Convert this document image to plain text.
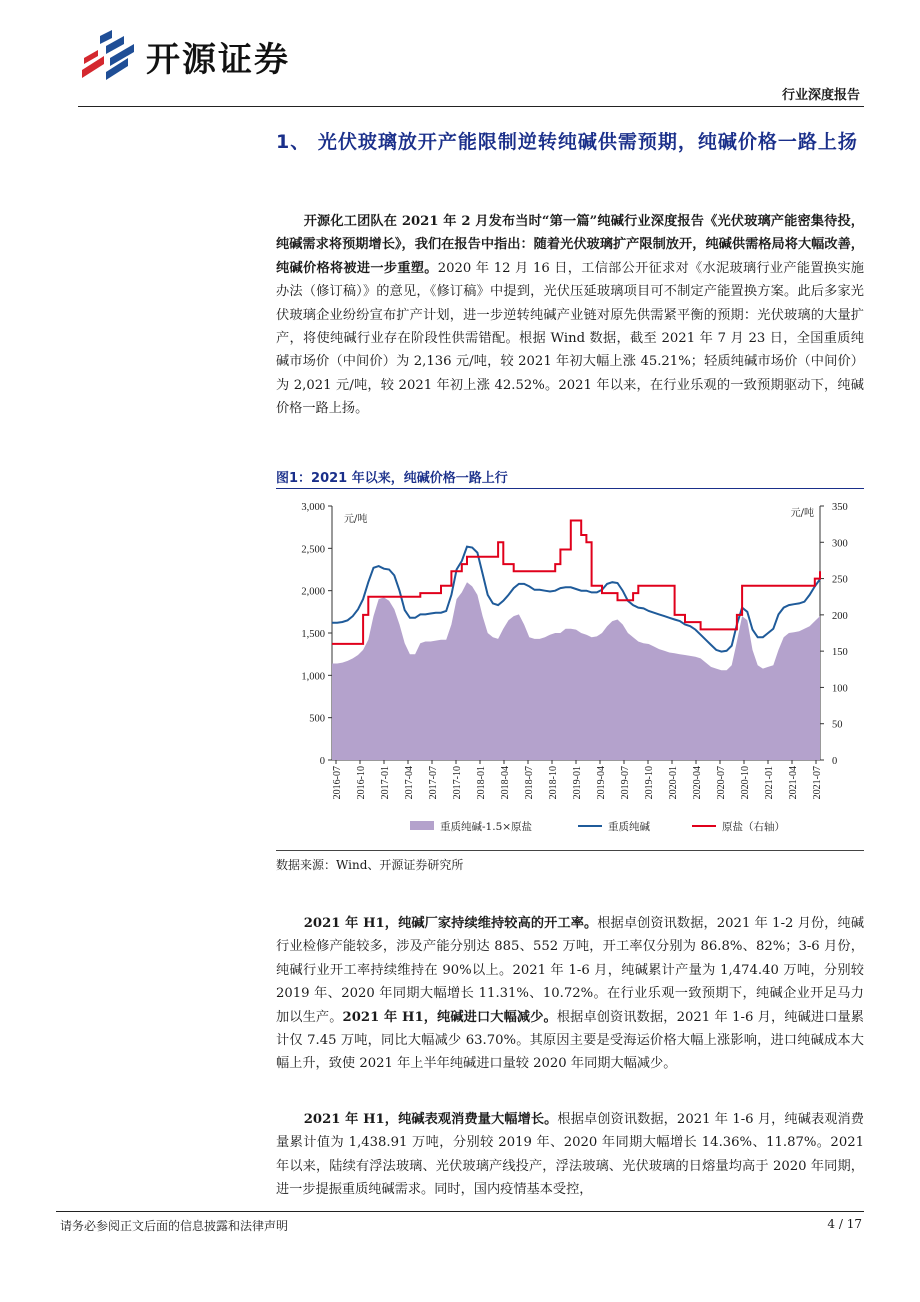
开源证券
行业深度报告
1、 光伏玻璃放开产能限制逆转纯碱供需预期，纯碱价格一路上扬

开源化工团队在 2021 年 2 月发布当时“第一篇”纯碱行业深度报告《光伏玻璃产能密集待投，纯碱需求将预期增长》，我们在报告中指出：随着光伏玻璃扩产限制放开，纯碱供需格局将大幅改善，纯碱价格将被进一步重塑。2020 年 12 月 16 日，工信部公开征求对《水泥玻璃行业产能置换实施办法（修订稿）》的意见，《修订稿》中提到，光伏压延玻璃项目可不制定产能置换方案。此后多家光伏玻璃企业纷纷宣布扩产计划，进一步逆转纯碱产业链对原先供需紧平衡的预期：光伏玻璃的大量扩产，将使纯碱行业存在阶段性供需错配。根据 Wind 数据，截至 2021 年 7 月 23 日，全国重质纯碱市场价（中间价）为 2,136 元/吨，较 2021 年初大幅上涨 45.21%；轻质纯碱市场价（中间价）为 2,021 元/吨，较 2021 年初上涨 42.52%。2021 年以来，在行业乐观的一致预期驱动下，纯碱价格一路上扬。

图1：2021 年以来，纯碱价格一路上行
0
500
1,000
1,500
2,000
2,500
3,000
0
50
100
150
200
250
300
350
元/吨
元/吨
2016-07 2016-10 2017-01 2017-04 2017-07 2017-10 2018-01 2018-04 2018-07 2018-10 2019-01 2019-04 2019-07 2019-10 2020-01 2020-04 2020-07 2020-10 2021-01 2021-04 2021-07
重质纯碱-1.5×原盐	重质纯碱	原盐（右轴）
数据来源：Wind、开源证券研究所

2021 年 H1，纯碱厂家持续维持较高的开工率。根据卓创资讯数据，2021 年 1-2 月份，纯碱行业检修产能较多，涉及产能分别达 885、552 万吨，开工率仅分别为 86.8%、82%；3-6 月份，纯碱行业开工率持续维持在 90%以上。2021 年 1-6 月，纯碱累计产量为 1,474.40 万吨，分别较 2019 年、2020 年同期大幅增长 11.31%、10.72%。在行业乐观一致预期下，纯碱企业开足马力加以生产。2021 年 H1，纯碱进口大幅减少。根据卓创资讯数据，2021 年 1-6 月，纯碱进口量累计仅 7.45 万吨，同比大幅减少 63.70%。其原因主要是受海运价格大幅上涨影响，进口纯碱成本大幅上升，致使 2021 年上半年纯碱进口量较 2020 年同期大幅减少。

2021 年 H1，纯碱表观消费量大幅增长。根据卓创资讯数据，2021 年 1-6 月，纯碱表观消费量累计值为 1,438.91 万吨，分别较 2019 年、2020 年同期大幅增长 14.36%、11.87%。2021 年以来，陆续有浮法玻璃、光伏玻璃产线投产，浮法玻璃、光伏玻璃的日熔量均高于 2020 年同期，进一步提振重质纯碱需求。同时，国内疫情基本受控，

请务必参阅正文后面的信息披露和法律声明	4 / 17
